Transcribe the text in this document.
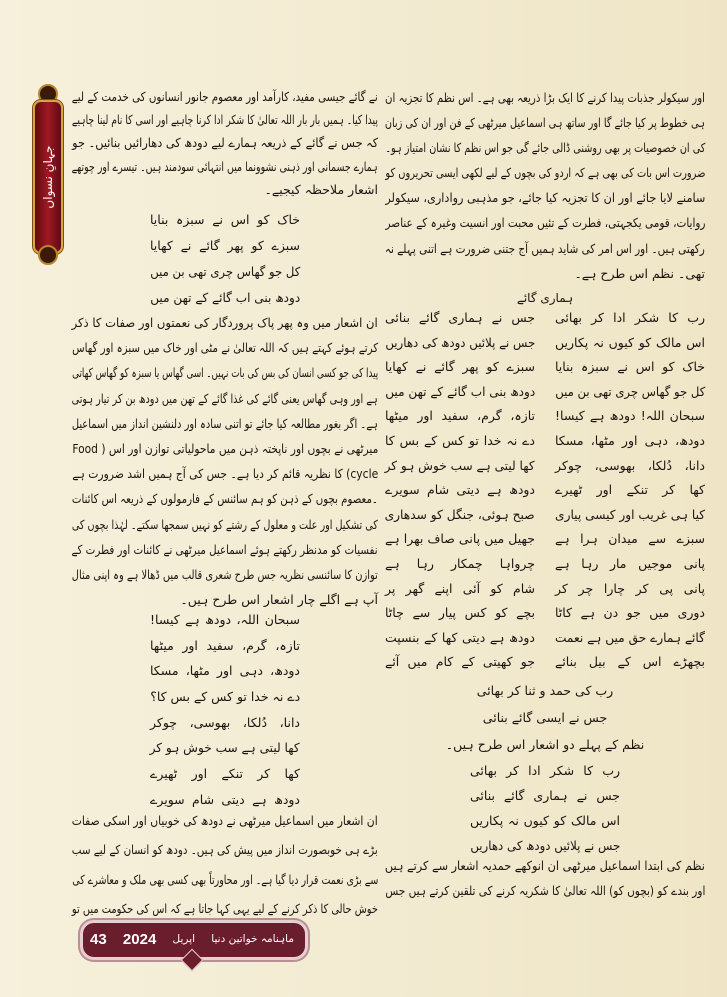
جہانِ نسواں
اور سیکولر جذبات پیدا کرنے کا ایک بڑا ذریعہ بھی ہے۔ اس نظم کا تجزیہ ان
ہی خطوط پر کیا جائے گا اور ساتھ ہی اسماعیل میرٹھی کے فن اور ان کی زبان
کی ان خصوصیات پر بھی روشنی ڈالی جائے گی جو اس نظم کا نشان امتیاز ہو۔
ضرورت اس بات کی بھی ہے کہ اردو کی بچوں کے لیے لکھی ایسی تحریروں کو
سامنے لایا جائے اور ان کا تجزیہ کیا جائے، جو مذہبی رواداری، سیکولر
روایات، قومی یکجہتی، فطرت کے تئیں محبت اور انسیت وغیرہ کے عناصر
رکھتی ہیں۔ اور اس امر کی شاید ہمیں آج جتنی ضرورت ہے اتنی پہلے نہ
تھی۔ نظم اس طرح ہے۔
ہماری گائے
رب کا شکر ادا کر بھائی
جس نے ہماری گائے بنائی
اس مالک کو کیوں نہ پکاریں
جس نے پلائیں دودھ کی دھاریں
خاک کو اس نے سبزہ بنایا
سبزے کو پھر گائے نے کھایا
کل جو گھاس چری تھی بن میں
دودھ بنی اب گائے کے تھن میں
سبحان اللہ! دودھ ہے کیسا!
تازہ، گرم، سفید اور میٹھا
دودھ، دہی اور مٹھا، مسکا
دے نہ خدا تو کس کے بس کا
دانا، دُلکا، بھوسی، چوکر
کھا لیتی ہے سب خوش ہو کر
کھا کر تنکے اور ٹھیرے
دودھ ہے دیتی شام سویرے
کیا ہی غریب اور کیسی پیاری
صبح ہوئی، جنگل کو سدھاری
سبزے سے میدان ہرا ہے
جھیل میں پانی صاف بھرا ہے
پانی موجیں مار رہا ہے
چرواہا چمکار رہا ہے
پانی پی کر چارا چر کر
شام کو آئی اپنے گھر پر
دوری میں جو دن ہے کاٹا
بچے کو کس پیار سے چاٹا
گائے ہمارے حق میں ہے نعمت
دودھ ہے دیتی کھا کے بنسپت
بچھڑے اس کے بیل بنائے
جو کھیتی کے کام میں آئے
رب کی حمد و ثنا کر بھائی
جس نے ایسی گائے بنائی
نظم کے پہلے دو اشعار اس طرح ہیں۔
رب کا شکر ادا کر بھائی
جس نے ہماری گائے بنائی
اس مالک کو کیوں نہ پکاریں
جس نے پلائیں دودھ کی دھاریں
نظم کی ابتدا اسماعیل میرٹھی ان انوکھے حمدیہ اشعار سے کرتے ہیں
اور بندے کو (بچوں کو) اللہ تعالیٰ کا شکریہ کرنے کی تلقین کرتے ہیں جس
نے گائے جیسی مفید، کارآمد اور معصوم جانور انسانوں کی خدمت کے لیے
پیدا کیا۔ ہمیں بار بار اللہ تعالیٰ کا شکر ادا کرنا چاہیے اور اسی کا نام لینا چاہیے
کہ جس نے گائے کے ذریعہ ہمارے لیے دودھ کی دھارائیں بنائیں۔ جو
ہمارے جسمانی اور ذہنی نشوونما میں انتہائی سودمند ہیں۔ تیسرے اور چوتھے
اشعار ملاحظہ کیجیے۔
خاک کو اس نے سبزہ بنایا
سبزے کو پھر گائے نے کھایا
کل جو گھاس چری تھی بن میں
دودھ بنی اب گائے کے تھن میں
ان اشعار میں وہ پھر پاک پروردگار کی نعمتوں اور صفات کا ذکر
کرتے ہوئے کہتے ہیں کہ اللہ تعالیٰ نے مٹی اور خاک میں سبزہ اور گھاس
پیدا کی جو کسی انسان کی بس کی بات نہیں۔ اسی گھاس یا سبزہ کو گھاس کھاتی
ہے اور وہی گھاس یعنی گائے کی غذا گائے کے تھن میں دودھ بن کر تیار ہوتی
ہے۔ اگر بغور مطالعہ کیا جائے تو اتنی سادہ اور دلنشین انداز میں اسماعیل
میرٹھی نے بچوں اور ناپختہ ذہن میں ماحولیاتی توازن اور اس ( Food
cycle) کا نظریہ قائم کر دیا ہے۔ جس کی آج ہمیں اشد ضرورت ہے
۔معصوم بچوں کے ذہن کو ہم سائنس کے فارمولوں کے ذریعہ اس کائنات
کی تشکیل اور علت و معلول کے رشتے کو نہیں سمجھا سکتے۔ لہٰذا بچوں کی
نفسیات کو مدنظر رکھتے ہوئے اسماعیل میرٹھی نے کائنات اور فطرت کے
توازن کا سائنسی نظریہ جس طرح شعری قالب میں ڈھالا ہے وہ اپنی مثال
آپ ہے اگلے چار اشعار اس طرح ہیں۔
سبحان اللہ، دودھ ہے کیسا!
تازہ، گرم، سفید اور میٹھا
دودھ، دہی اور مٹھا، مسکا
دے نہ خدا تو کس کے بس کا؟
دانا، دُلکا، بھوسی، چوکر
کھا لیتی ہے سب خوش ہو کر
کھا کر تنکے اور ٹھیرے
دودھ ہے دیتی شام سویرے
ان اشعار میں اسماعیل میرٹھی نے دودھ کی خوبیاں اور اسکی صفات
بڑے ہی خوبصورت انداز میں پیش کی ہیں۔ دودھ کو انسان کے لیے سب
سے بڑی نعمت قرار دیا گیا ہے۔ اور محاورتاً بھی کسی بھی ملک و معاشرے کی
خوش حالی کا ذکر کرنے کے لیے یہی کہا جاتا ہے کہ اس کی حکومت میں تو
43 2024 اپریل ماہنامہ خواتین دنیا
